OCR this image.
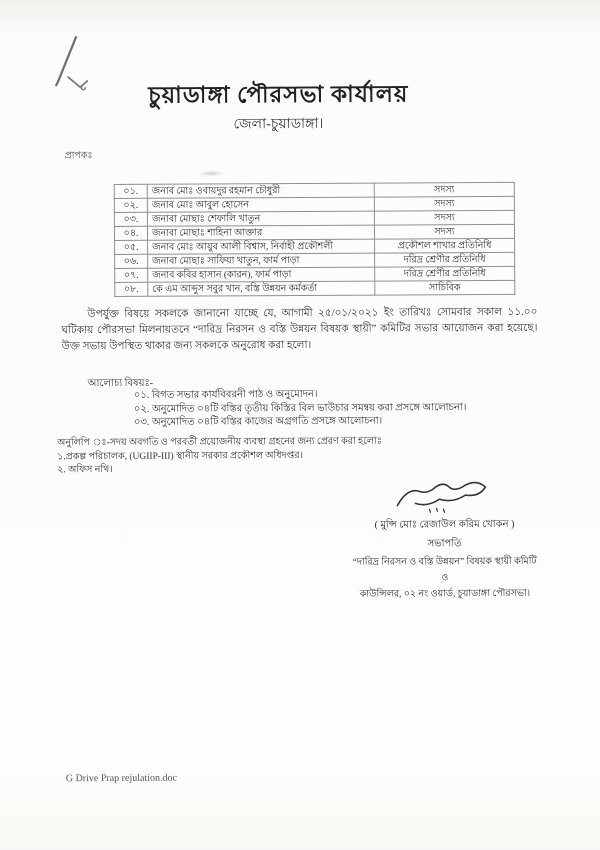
চুয়াডাঙ্গা পৌরসভা কার্যালয়
জেলা-চুয়াডাঙ্গা।
প্রাপকঃ
০১.	জনাব মোঃ ওবায়দুর রহমান চৌধুরী	সদস্য
০২.	জনাব মোঃ আবুল হোসেন	সদস্য
০৩.	জনাবা মোছাঃ শেফালি খাতুন	সদস্য
০৪.	জনাবা মোছাঃ শাহিনা আক্তার	সদস্য
০৫.	জনাব মোঃ আয়ুব আলী বিশ্বাস, নির্বাহী প্রকৌশলী	প্রকৌশল শাখার প্রতিনিধি
০৬.	জনাবা মোছাঃ সাফিয়া খাতুন, ফার্ম পাড়া	দরিদ্র শ্রেণীর প্রতিনিধি
০৭.	জনাব কবির হাসান (কারন), ফার্ম পাড়া	দরিদ্র শ্রেণীর প্রতিনিধি
০৮.	কে এম আব্দুস সবুর খান, বস্তি উন্নয়ন কর্মকর্তা	সাচিবিক

উপর্যুক্ত বিষয়ে সকলকে জানানো যাচ্ছে যে, আগামী ২৫/০১/২০২১ ইং তারিখঃ সোমবার সকাল ১১.০০ ঘটিকায় পৌরসভা মিলনায়তনে “দারিদ্র নিরসন ও বস্তি উন্নয়ন বিষয়ক স্থায়ী” কমিটির সভার আয়োজন করা হয়েছে। উক্ত সভায় উপস্থিত থাকার জন্য সকলকে অনুরোধ করা হলো।

আলোচ্য বিষয়ঃ-
০১. বিগত সভার কার্যবিবরনী পাঠ ও অনুমোদন।
০২. অনুমোদিত ০৪টি বস্তির তৃতীয় কিস্তির বিল ভাউচার সমন্বয় করা প্রসঙ্গে আলোচনা।
০৩. অনুমোদিত ০৪টি বস্তির কাজের অগ্রগতি প্রসঙ্গে আলোচনা।
অনুলিপি ঃ-সদয় অবগতি ও পরবর্তী প্রয়োজনীয় ব্যবস্থা গ্রহনের জন্য প্রেরণ করা হলোঃ
১.প্রকল্প পরিচালক, (UGIIP-III) স্থানীয় সরকার প্রকৌশল অধিদপ্তর।
২. অফিস নথি।
( মুন্সি মোঃ রেজাউল করিম খোকন )
সভাপতি
“দারিদ্র নিরসন ও বস্তি উন্নয়ন” বিষয়ক স্থায়ী কমিটি
ও
কাউন্সিলর, ০২ নং ওয়ার্ড, চুয়াডাঙ্গা পৌরসভা।
G Drive Prap rejulation.doc
